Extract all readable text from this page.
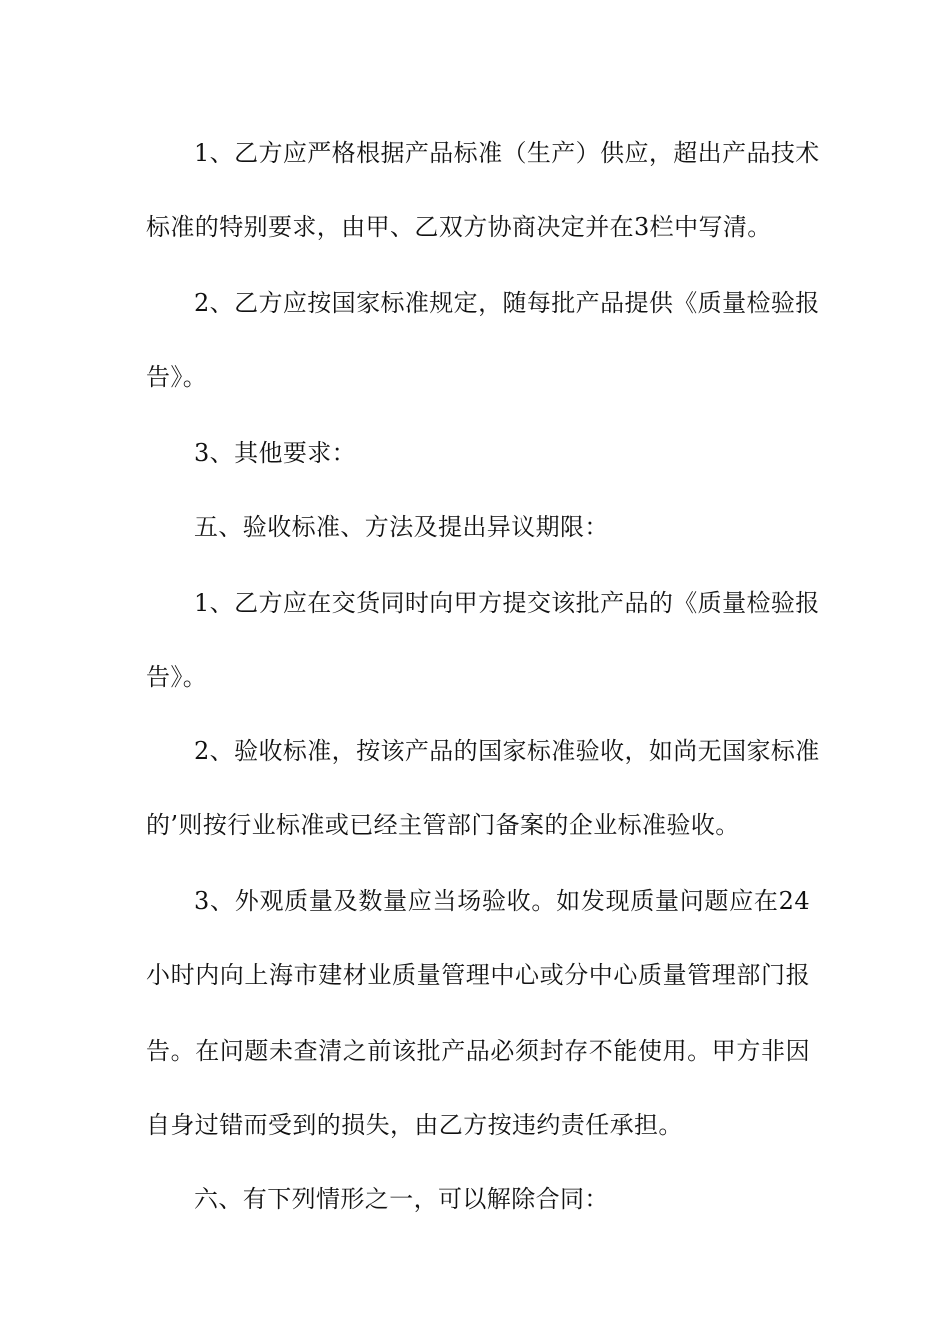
1、乙方应严格根据产品标准（生产）供应，超出产品技术
标准的特别要求，由甲、乙双方协商决定并在3栏中写清。
2、乙方应按国家标准规定，随每批产品提供《质量检验报
告》。
3、其他要求：
五、验收标准、方法及提出异议期限：
1、乙方应在交货同时向甲方提交该批产品的《质量检验报
告》。
2、验收标准，按该产品的国家标准验收，如尚无国家标准
的’则按行业标准或已经主管部门备案的企业标准验收。
3、外观质量及数量应当场验收。如发现质量问题应在24
小时内向上海市建材业质量管理中心或分中心质量管理部门报
告。在问题未查清之前该批产品必须封存不能使用。甲方非因
自身过错而受到的损失，由乙方按违约责任承担。
六、有下列情形之一，可以解除合同：
